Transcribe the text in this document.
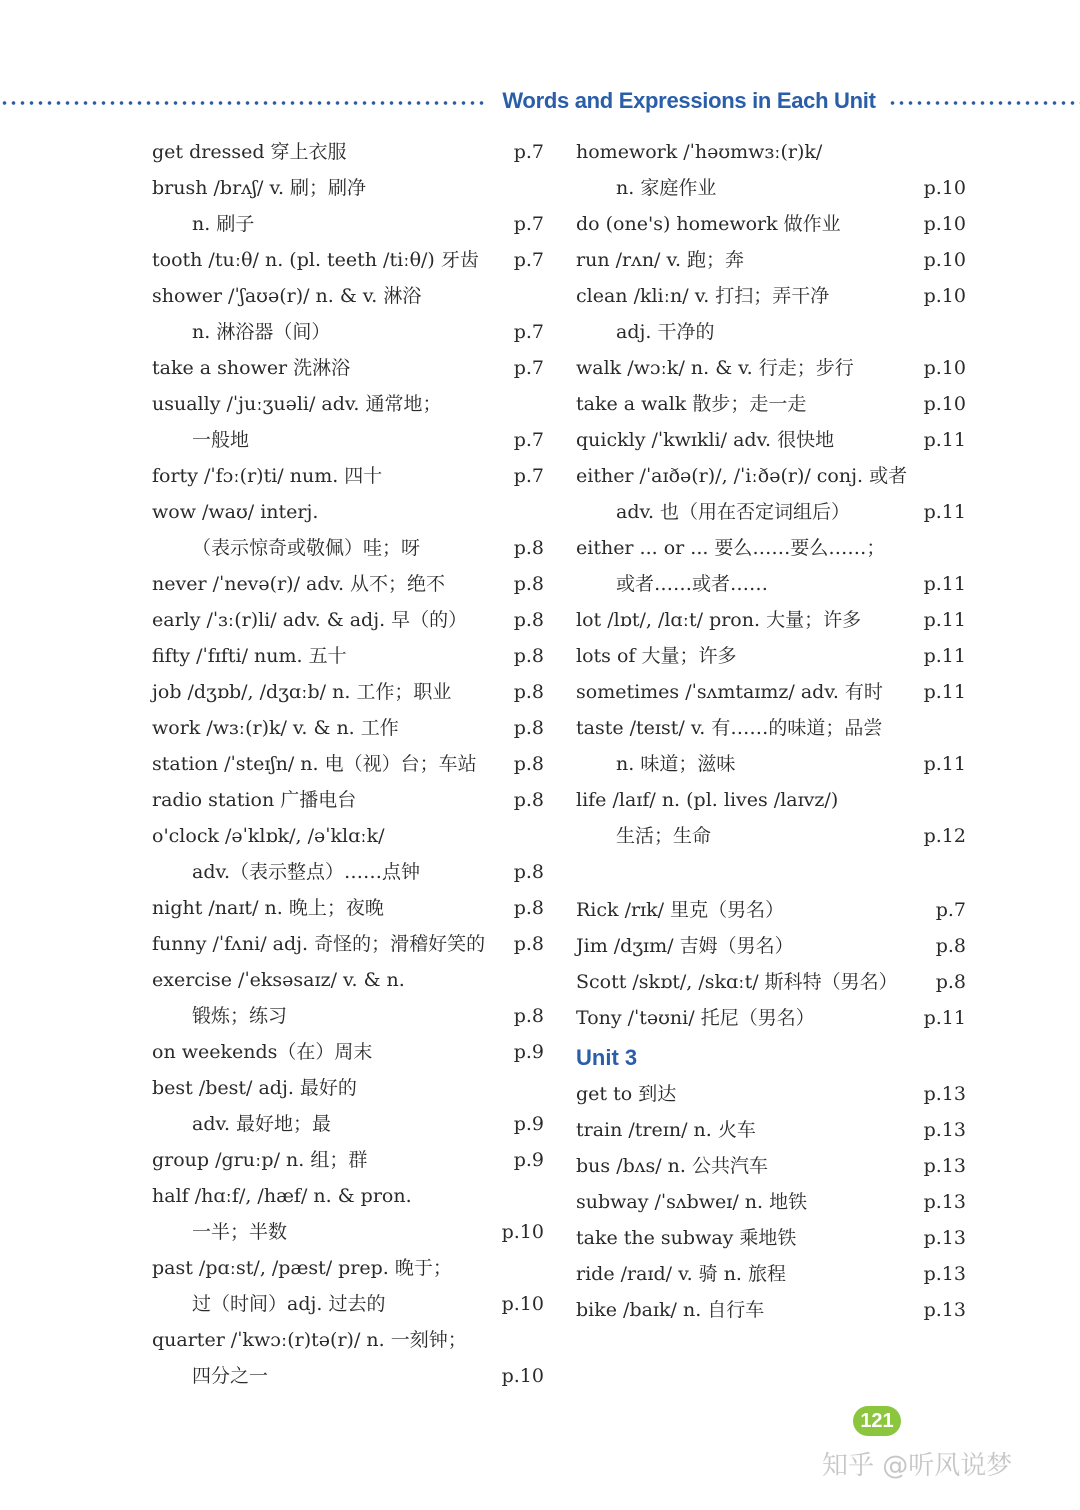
Words and Expressions in Each Unit
get dressed 穿上衣服	p.7
brush /brʌʃ/ v. 刷；刷净
n. 刷子	p.7
tooth /tuːθ/ n. (pl. teeth /tiːθ/) 牙齿 p.7
shower /ˈʃaʊə(r)/ n. & v. 淋浴
n. 淋浴器（间）	p.7
take a shower 洗淋浴	p.7
usually /ˈjuːʒuəli/ adv. 通常地；
一般地	p.7
forty /ˈfɔː(r)ti/ num. 四十	p.7
wow /waʊ/ interj.
（表示惊奇或敬佩）哇；呀	p.8
never /ˈnevə(r)/ adv. 从不；绝不	p.8
early /ˈɜː(r)li/ adv. & adj. 早（的） p.8
fifty /ˈfɪfti/ num. 五十	p.8
job /dʒɒb/, /dʒɑːb/ n. 工作；职业	p.8
work /wɜː(r)k/ v. & n. 工作	p.8
station /ˈsteɪʃn/ n. 电（视）台；车站 p.8
radio station 广播电台	p.8
o'clock /əˈklɒk/, /əˈklɑːk/
adv.（表示整点）……点钟	p.8
night /naɪt/ n. 晚上；夜晚	p.8
funny /ˈfʌni/ adj. 奇怪的；滑稽好笑的 p.8
exercise /ˈeksəsaɪz/ v. & n.
锻炼；练习	p.8
on weekends（在）周末	p.9
best /best/ adj. 最好的
adv. 最好地；最	p.9
group /gruːp/ n. 组；群	p.9
half /hɑːf/, /hæf/ n. & pron.
一半；半数	p.10
past /pɑːst/, /pæst/ prep. 晚于；
过（时间）adj. 过去的	p.10
quarter /ˈkwɔː(r)tə(r)/ n. 一刻钟；
四分之一	p.10
homework /ˈhəʊmwɜː(r)k/
n. 家庭作业	p.10
do (one's) homework 做作业	p.10
run /rʌn/ v. 跑；奔	p.10
clean /kliːn/ v. 打扫；弄干净	p.10
adj. 干净的
walk /wɔːk/ n. & v. 行走；步行	p.10
take a walk 散步；走一走	p.10
quickly /ˈkwɪkli/ adv. 很快地	p.11
either /ˈaɪðə(r)/, /ˈiːðə(r)/ conj. 或者
adv. 也（用在否定词组后）	p.11
either ... or ... 要么……要么……；
或者……或者……	p.11
lot /lɒt/, /lɑːt/ pron. 大量；许多	p.11
lots of 大量；许多	p.11
sometimes /ˈsʌmtaɪmz/ adv. 有时 p.11
taste /teɪst/ v. 有……的味道；品尝
n. 味道；滋味	p.11
life /laɪf/ n. (pl. lives /laɪvz/)
生活；生命	p.12
Rick /rɪk/ 里克（男名）	p.7
Jim /dʒɪm/ 吉姆（男名）	p.8
Scott /skɒt/, /skɑːt/ 斯科特（男名） p.8
Tony /ˈtəʊni/ 托尼（男名）	p.11
Unit 3
get to 到达	p.13
train /treɪn/ n. 火车	p.13
bus /bʌs/ n. 公共汽车	p.13
subway /ˈsʌbweɪ/ n. 地铁	p.13
take the subway 乘地铁	p.13
ride /raɪd/ v. 骑 n. 旅程	p.13
bike /baɪk/ n. 自行车	p.13
121
知乎 @听风说梦
